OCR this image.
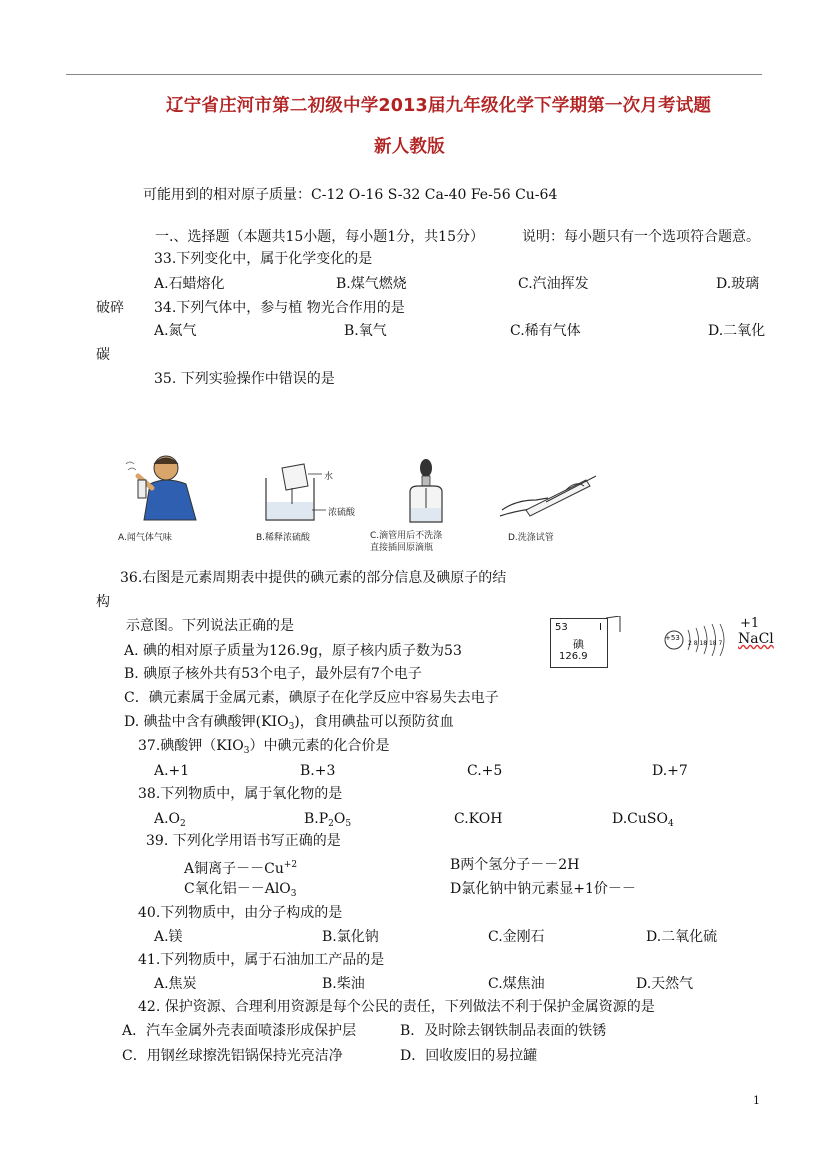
辽宁省庄河市第二初级中学2013届九年级化学下学期第一次月考试题
新人教版
可能用到的相对原子质量：C-12 O-16 S-32 Ca-40 Fe-56 Cu-64
一.、选择题（本题共15小题，每小题1分，共15分）	说明：每小题只有一个选项符合题意。
33.下列变化中，属于化学变化的是
A.石蜡熔化	B.煤气燃烧	C.汽油挥发	D.玻璃
破碎 34.下列气体中，参与植 物光合作用的是
A.氮气	B.氧气	C.稀有气体	D.二氧化
碳
35. 下列实验操作中错误的是
A.闻气体气味
水
浓硫酸
B.稀释浓硫酸	C.滴管用后不洗涤
直接插回原滴瓶
D.洗涤试管
36.右图是元素周期表中提供的碘元素的部分信息及碘原子的结
构
示意图。下列说法正确的是
A. 碘的相对原子质量为126.9g，原子核内质子数为53
B. 碘原子核外共有53个电子，最外层有7个电子
C．碘元素属于金属元素，碘原子在化学反应中容易失去电子
D. 碘盐中含有碘酸钾$(KIO_3)$，食用碘盐可以预防贫血
53	I
碘
126.9
+53
2 8 18 18 7
+1
NaCl
37.碘酸钾$(KIO_3)$中碘元素的化合价是
A.+1	B.+3	C.+5	D.+7
38.下列物质中，属于氧化物的是
$A.O_2$	$B.P_2O_5$	C.KOH	D.CuSO$_4$
39. 下列化学用语书写正确的是
A铜离子$--Cu^{+2}$	B两个氢分子－－2H
C氧化铝－－AlO$_3$	D氯化钠中钠元素显+1价－－
40.下列物质中，由分子构成的是
A.镁	B.氯化钠	C.金刚石	D.二氧化硫
41.下列物质中，属于石油加工产品的是
A.焦炭	B.柴油	C.煤焦油	D.天然气
42. 保护资源、合理利用资源是每个公民的责任，下列做法不利于保护金属资源的是
A．汽车金属外壳表面喷漆形成保护层	B．及时除去钢铁制品表面的铁锈
C．用钢丝球擦洗铝锅保持光亮洁净	D．回收废旧的易拉罐
1
